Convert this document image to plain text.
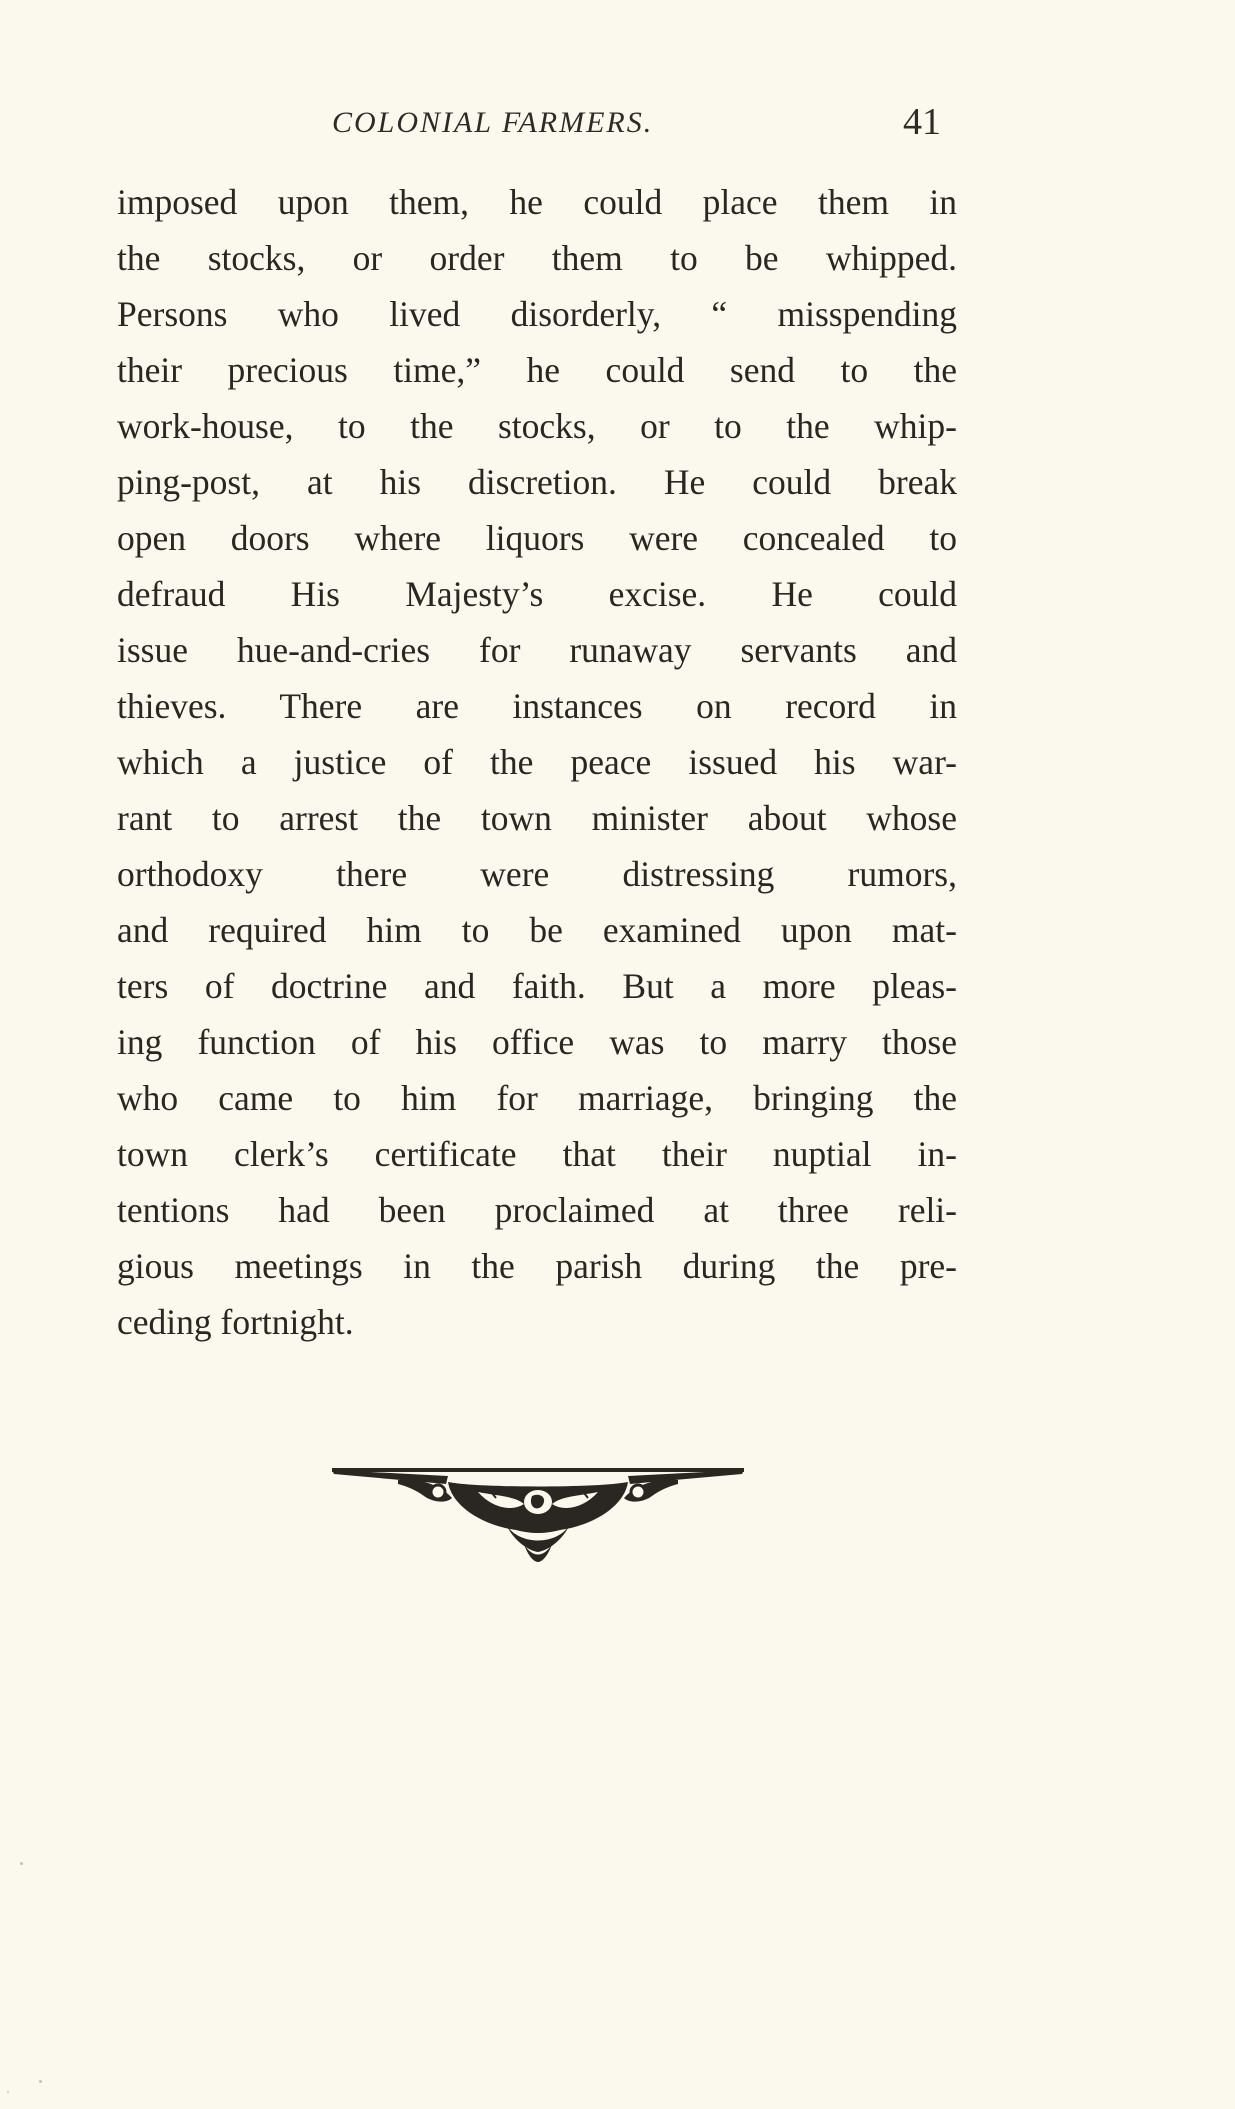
COLONIAL FARMERS.	41
imposed upon them, he could place them in
the stocks, or order them to be whipped.
Persons who lived disorderly, “ misspending
their precious time,” he could send to the
work-house, to the stocks, or to the whip-
ping-post, at his discretion. He could break
open doors where liquors were concealed to
defraud His Majesty’s excise. He could
issue hue-and-cries for runaway servants and
thieves. There are instances on record in
which a justice of the peace issued his war-
rant to arrest the town minister about whose
orthodoxy there were distressing rumors,
and required him to be examined upon mat-
ters of doctrine and faith. But a more pleas-
ing function of his office was to marry those
who came to him for marriage, bringing the
town clerk’s certificate that their nuptial in-
tentions had been proclaimed at three reli-
gious meetings in the parish during the pre-
ceding fortnight.
